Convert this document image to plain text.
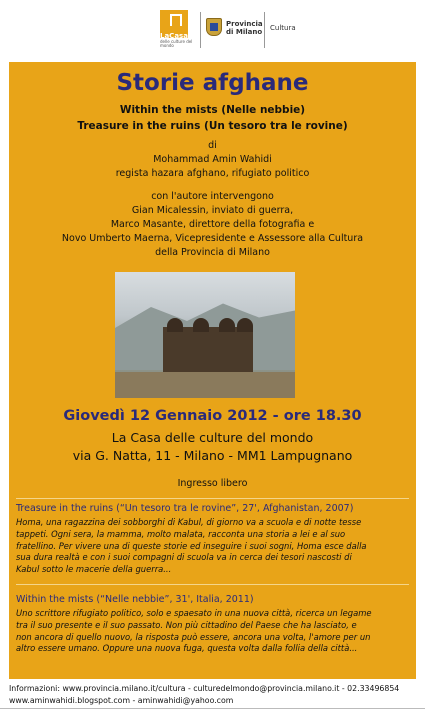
LaCasa
delle culture del mondo
Provincia
di Milano Cultura
Storie afghane
Within the mists (Nelle nebbie)
Treasure in the ruins (Un tesoro tra le rovine)
di
Mohammad Amin Wahidi
regista hazara afghano, rifugiato politico
con l'autore intervengono
Gian Micalessin, inviato di guerra,
Marco Masante, direttore della fotografia e
Novo Umberto Maerna, Vicepresidente e Assessore alla Cultura
della Provincia di Milano
Giovedì 12 Gennaio 2012 - ore 18.30
La Casa delle culture del mondo
via G. Natta, 11 - Milano - MM1 Lampugnano
Ingresso libero
Treasure in the ruins (“Un tesoro tra le rovine”, 27', Afghanistan, 2007)
Homa, una ragazzina dei sobborghi di Kabul, di giorno va a scuola e di notte tesse
tappeti. Ogni sera, la mamma, molto malata, racconta una storia a lei e al suo
fratellino. Per vivere una di queste storie ed inseguire i suoi sogni, Homa esce dalla
sua dura realtà e con i suoi compagni di scuola va in cerca dei tesori nascosti di
Kabul sotto le macerie della guerra...
Within the mists (“Nelle nebbie”, 31', Italia, 2011)
Uno scrittore rifugiato politico, solo e spaesato in una nuova città, ricerca un legame
tra il suo presente e il suo passato. Non più cittadino del Paese che ha lasciato, e
non ancora di quello nuovo, la risposta può essere, ancora una volta, l'amore per un
altro essere umano. Oppure una nuova fuga, questa volta dalla follia della città...
Informazioni: www.provincia.milano.it/cultura - culturedelmondo@provincia.milano.it - 02.33496854
www.aminwahidi.blogspot.com - aminwahidi@yahoo.com
